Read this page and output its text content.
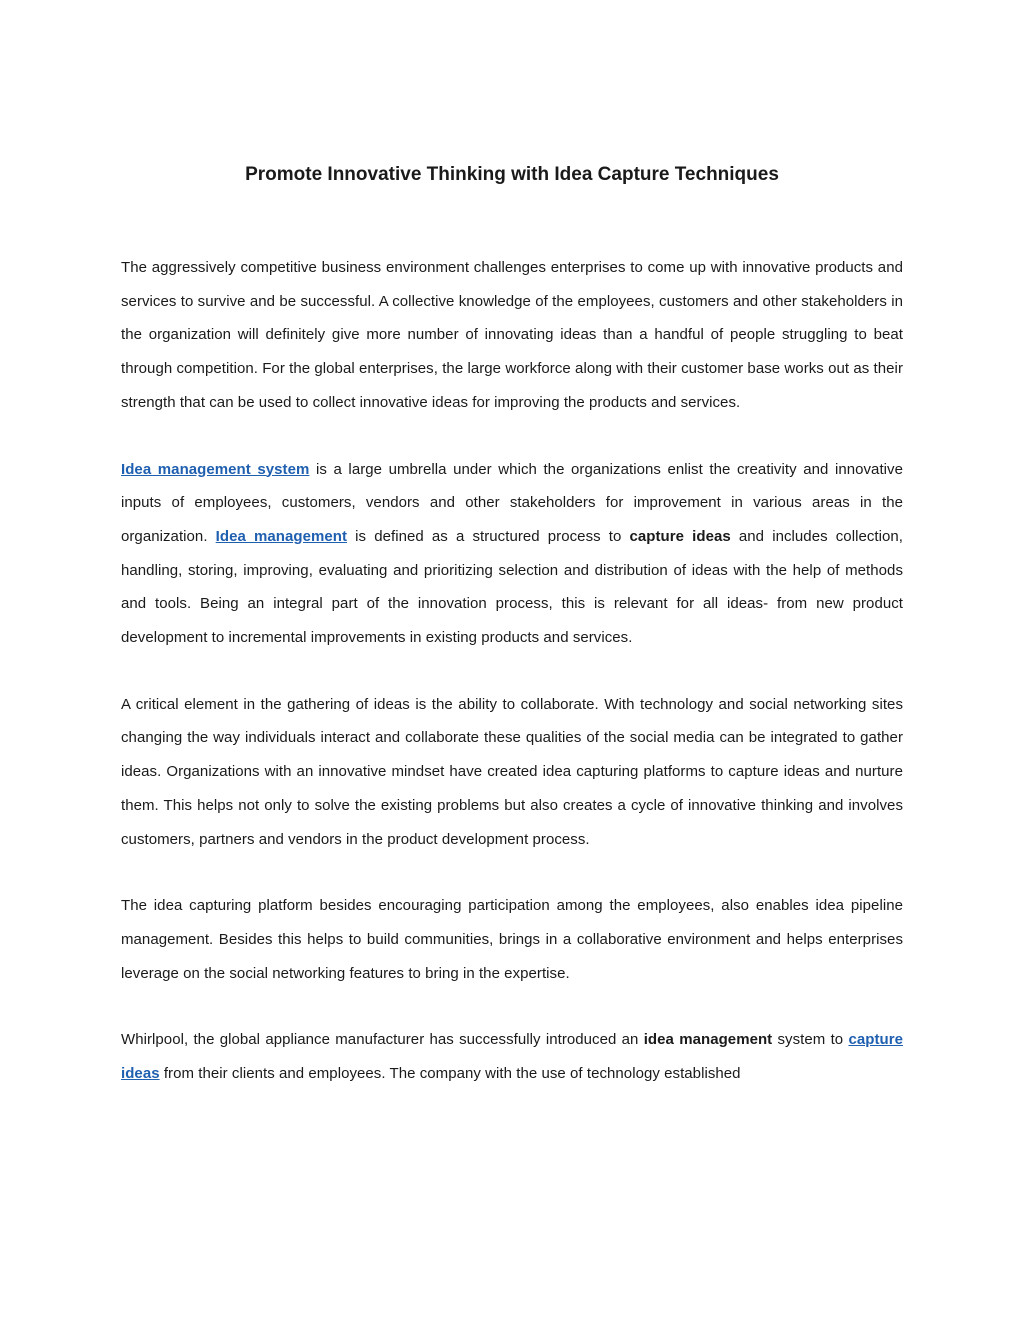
Promote Innovative Thinking with Idea Capture Techniques

The aggressively competitive business environment challenges enterprises to come up with innovative products and services to survive and be successful. A collective knowledge of the employees, customers and other stakeholders in the organization will definitely give more number of innovating ideas than a handful of people struggling to beat through competition. For the global enterprises, the large workforce along with their customer base works out as their strength that can be used to collect innovative ideas for improving the products and services.

Idea management system is a large umbrella under which the organizations enlist the creativity and innovative inputs of employees, customers, vendors and other stakeholders for improvement in various areas in the organization. Idea management is defined as a structured process to capture ideas and includes collection, handling, storing, improving, evaluating and prioritizing selection and distribution of ideas with the help of methods and tools. Being an integral part of the innovation process, this is relevant for all ideas- from new product development to incremental improvements in existing products and services.

A critical element in the gathering of ideas is the ability to collaborate. With technology and social networking sites changing the way individuals interact and collaborate these qualities of the social media can be integrated to gather ideas. Organizations with an innovative mindset have created idea capturing platforms to capture ideas and nurture them. This helps not only to solve the existing problems but also creates a cycle of innovative thinking and involves customers, partners and vendors in the product development process.

The idea capturing platform besides encouraging participation among the employees, also enables idea pipeline management. Besides this helps to build communities, brings in a collaborative environment and helps enterprises leverage on the social networking features to bring in the expertise.

Whirlpool, the global appliance manufacturer has successfully introduced an idea management system to capture ideas from their clients and employees. The company with the use of technology established
